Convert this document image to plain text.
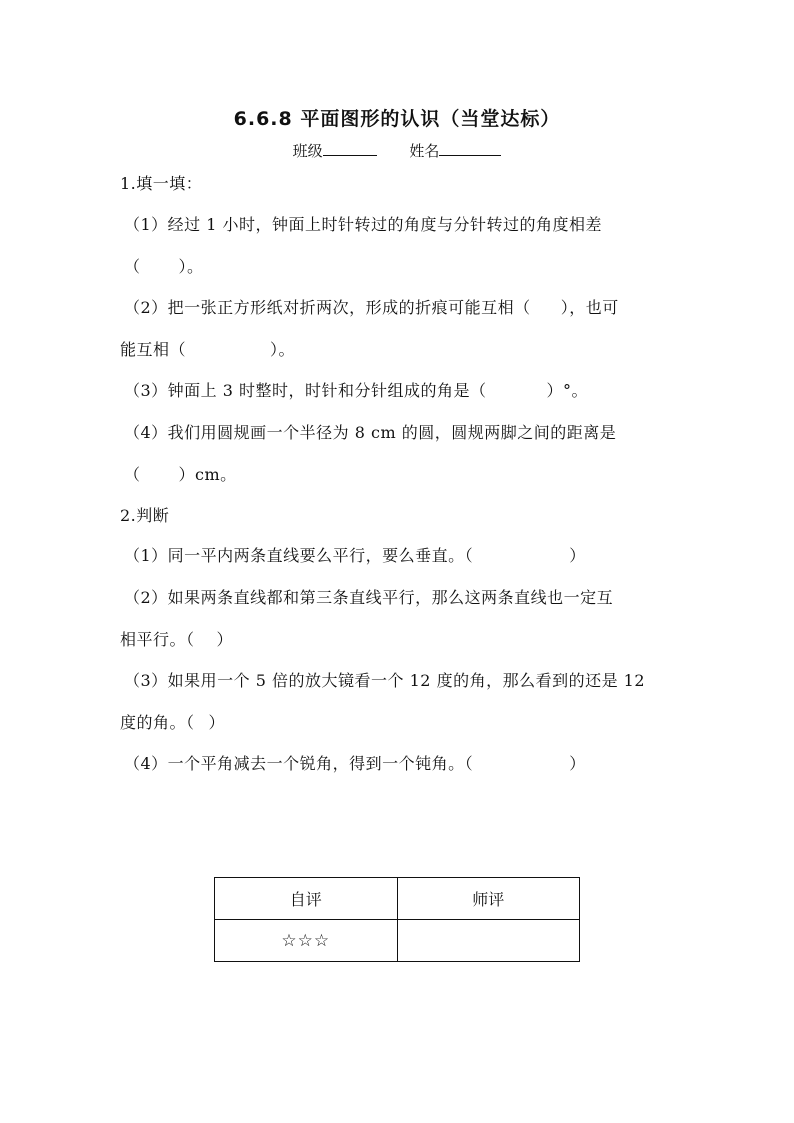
6.6.8 平面图形的认识（当堂达标）
班级	姓名
1.填一填：
（1）经过 1 小时，钟面上时针转过的角度与分针转过的角度相差
（ ）。
（2）把一张正方形纸对折两次，形成的折痕可能互相（ ），也可
能互相（	）。
（3）钟面上 3 时整时，时针和分针组成的角是（	）°。
（4）我们用圆规画一个半径为 8 cm 的圆，圆规两脚之间的距离是
（ ）cm。
2.判断
（1）同一平内两条直线要么平行，要么垂直。（	）
（2）如果两条直线都和第三条直线平行，那么这两条直线也一定互
相平行。（ ）
（3）如果用一个 5 倍的放大镜看一个 12 度的角，那么看到的还是 12
度的角。（ ）
（4）一个平角减去一个锐角，得到一个钝角。（	）
自评	师评
☆☆☆	
